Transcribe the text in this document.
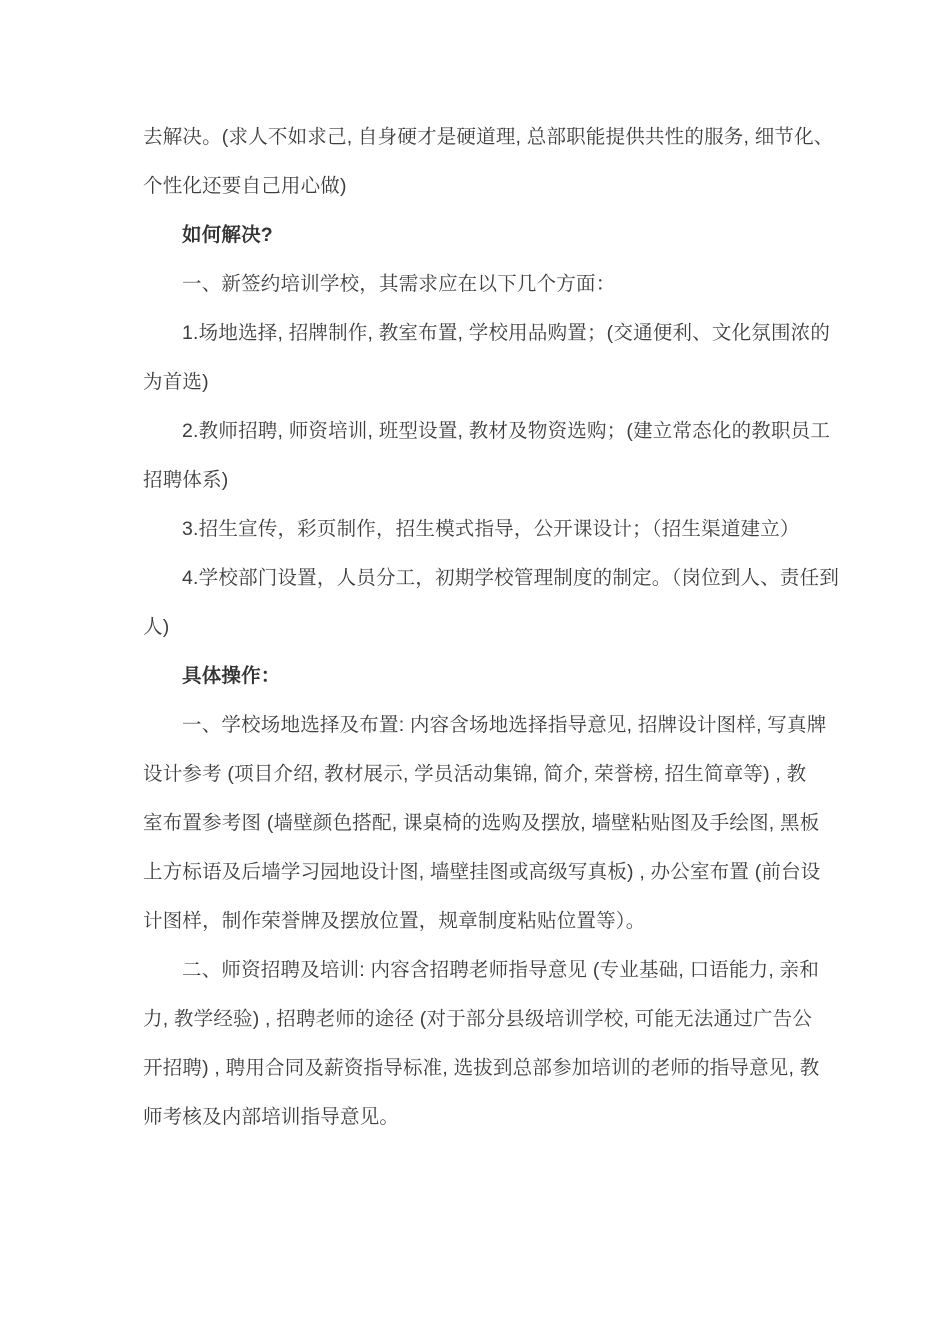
去解决。(求人不如求己, 自身硬才是硬道理, 总部职能提供共性的服务, 细节化、

个性化还要自己用心做)

如何解决?

一、新签约培训学校，其需求应在以下几个方面：

1.场地选择, 招牌制作, 教室布置, 学校用品购置；(交通便利、文化氛围浓的

为首选)

2.教师招聘, 师资培训, 班型设置, 教材及物资选购；(建立常态化的教职员工

招聘体系)

3.招生宣传，彩页制作，招生模式指导，公开课设计；（招生渠道建立）

4.学校部门设置，人员分工，初期学校管理制度的制定。（岗位到人、责任到

人)

具体操作：

一、学校场地选择及布置: 内容含场地选择指导意见, 招牌设计图样, 写真牌

设计参考 (项目介绍, 教材展示, 学员活动集锦, 简介, 荣誉榜, 招生简章等) , 教

室布置参考图 (墙壁颜色搭配, 课桌椅的选购及摆放, 墙壁粘贴图及手绘图, 黑板

上方标语及后墙学习园地设计图, 墙壁挂图或高级写真板) , 办公室布置 (前台设

计图样，制作荣誉牌及摆放位置，规章制度粘贴位置等）。

二、师资招聘及培训: 内容含招聘老师指导意见 (专业基础, 口语能力, 亲和

力, 教学经验) , 招聘老师的途径 (对于部分县级培训学校, 可能无法通过广告公

开招聘) , 聘用合同及薪资指导标准, 选拔到总部参加培训的老师的指导意见, 教

师考核及内部培训指导意见。
